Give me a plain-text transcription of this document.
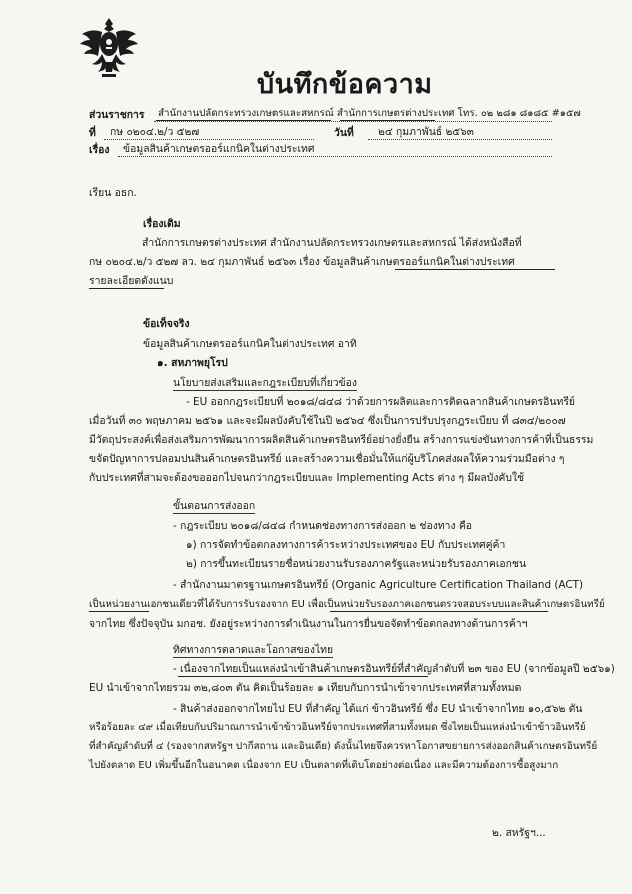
บันทึกข้อความ
ส่วนราชการ สำนักงานปลัดกระทรวงเกษตรและสหกรณ์ สำนักการเกษตรต่างประเทศ โทร. ๐๒ ๒๘๑ ๘๑๘๕ #๑๕๗
ที่ กษ ๐๒๐๔.๒/ว ๕๒๗	วันที่ ๒๔ กุมภาพันธ์ ๒๕๖๓
เรื่อง ข้อมูลสินค้าเกษตรออร์แกนิคในต่างประเทศ
เรียน อธก.
เรื่องเดิม
สำนักการเกษตรต่างประเทศ สำนักงานปลัดกระทรวงเกษตรและสหกรณ์ ได้ส่งหนังสือที่
กษ ๐๒๐๔.๒/ว ๕๒๗ ลว. ๒๔ กุมภาพันธ์ ๒๕๖๓ เรื่อง ข้อมูลสินค้าเกษตรออร์แกนิคในต่างประเทศ
รายละเอียดดังแนบ
ข้อเท็จจริง
ข้อมูลสินค้าเกษตรออร์แกนิคในต่างประเทศ อาทิ
๑. สหภาพยุโรป
นโยบายส่งเสริมและกฎระเบียบที่เกี่ยวข้อง
- EU ออกกฎระเบียบที่ ๒๐๑๘/๘๔๘ ว่าด้วยการผลิตและการติดฉลากสินค้าเกษตรอินทรีย์
เมื่อวันที่ ๓๐ พฤษภาคม ๒๕๖๑ และจะมีผลบังคับใช้ในปี ๒๕๖๔ ซึ่งเป็นการปรับปรุงกฎระเบียบ ที่ ๘๓๔/๒๐๐๗
มีวัตถุประสงค์เพื่อส่งเสริมการพัฒนาการผลิตสินค้าเกษตรอินทรีย์อย่างยั่งยืน สร้างการแข่งขันทางการค้าที่เป็นธรรม
ขจัดปัญหาการปลอมปนสินค้าเกษตรอินทรีย์ และสร้างความเชื่อมั่นให้แก่ผู้บริโภคส่งผลให้ความร่วมมือต่าง ๆ
กับประเทศที่สามจะต้องขอออกไปจนกว่ากฎระเบียบและ Implementing Acts ต่าง ๆ มีผลบังคับใช้
ขั้นตอนการส่งออก
- กฎระเบียบ ๒๐๑๘/๘๔๘ กำหนดช่องทางการส่งออก ๒ ช่องทาง คือ
๑) การจัดทำข้อตกลงทางการค้าระหว่างประเทศของ EU กับประเทศคู่ค้า
๒) การขึ้นทะเบียนรายชื่อหน่วยงานรับรองภาครัฐและหน่วยรับรองภาคเอกชน
- สำนักงานมาตรฐานเกษตรอินทรีย์ (Organic Agriculture Certification Thailand (ACT)
เป็นหน่วยงานเอกชนเดียวที่ได้รับการรับรองจาก EU เพื่อเป็นหน่วยรับรองภาคเอกชนตรวจสอบระบบและสินค้าเกษตรอินทรีย์
จากไทย ซึ่งปัจจุบัน มกอช. ยังอยู่ระหว่างการดำเนินงานในการยื่นขอจัดทำข้อตกลงทางด้านการค้าฯ
ทิศทางการตลาดและโอกาสของไทย
- เนื่องจากไทยเป็นแหล่งนำเข้าสินค้าเกษตรอินทรีย์ที่สำคัญลำดับที่ ๒๓ ของ EU (จากข้อมูลปี ๒๕๖๑)
EU นำเข้าจากไทยรวม ๓๒,๘๐๓ ตัน คิดเป็นร้อยละ ๑ เทียบกับการนำเข้าจากประเทศที่สามทั้งหมด
- สินค้าส่งออกจากไทยไป EU ที่สำคัญ ได้แก่ ข้าวอินทรีย์ ซึ่ง EU นำเข้าจากไทย ๑๐,๕๖๒ ตัน
หรือร้อยละ ๔๙ เมื่อเทียบกับปริมาณการนำเข้าข้าวอินทรีย์จากประเทศที่สามทั้งหมด ซึ่งไทยเป็นแหล่งนำเข้าข้าวอินทรีย์
ที่สำคัญลำดับที่ ๔ (รองจากสหรัฐฯ ปากีสถาน และอินเดีย) ดังนั้นไทยจึงควรหาโอกาสขยายการส่งออกสินค้าเกษตรอินทรีย์
ไปยังตลาด EU เพิ่มขึ้นอีกในอนาคต เนื่องจาก EU เป็นตลาดที่เติบโตอย่างต่อเนื่อง และมีความต้องการซื้อสูงมาก
๒. สหรัฐฯ...
